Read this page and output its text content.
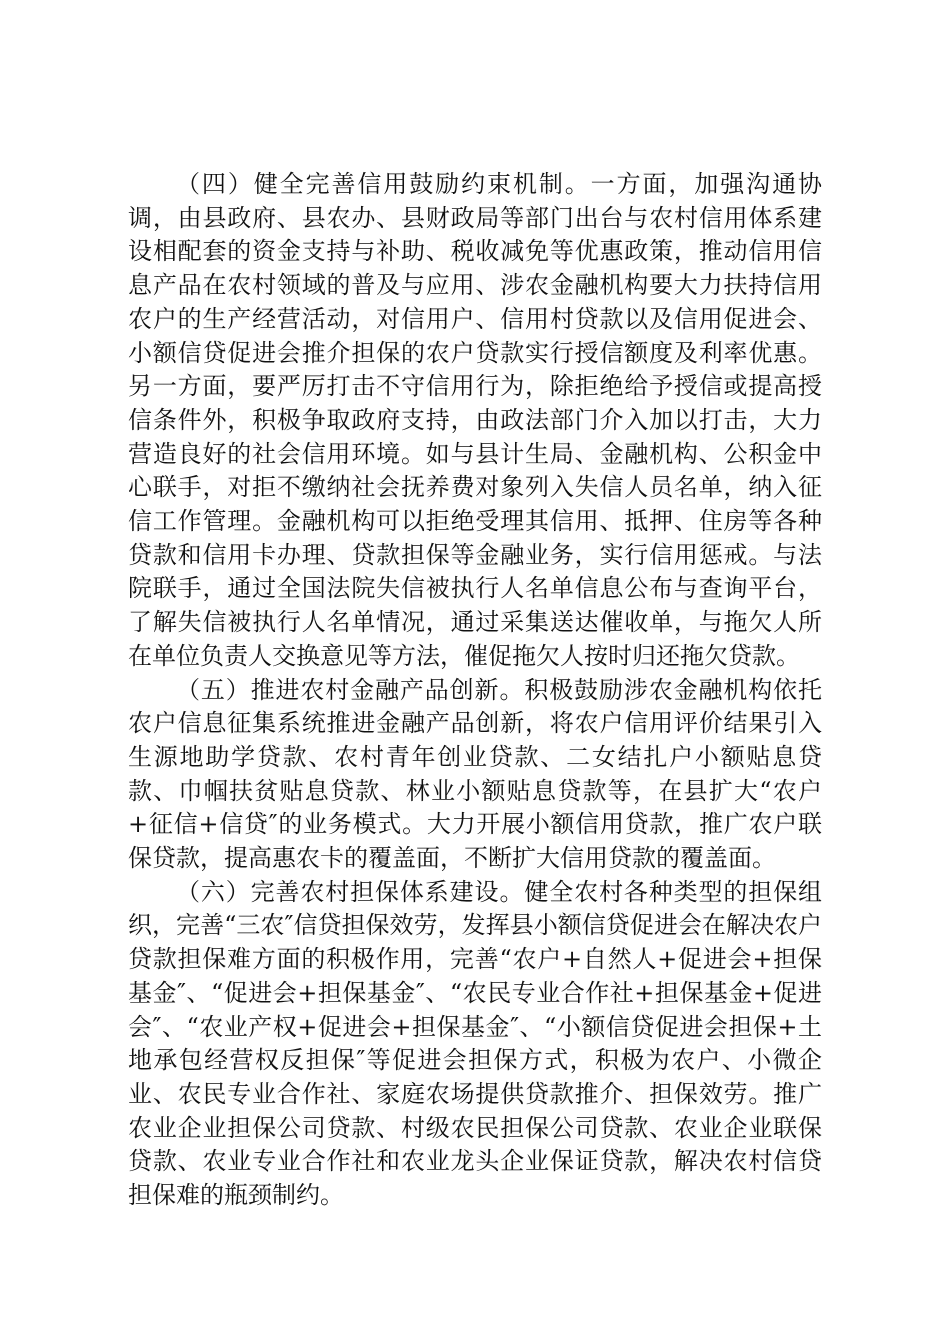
（四）健全完善信用鼓励约束机制。一方面，加强沟通协调，由县政府、县农办、县财政局等部门出台与农村信用体系建设相配套的资金支持与补助、税收减免等优惠政策，推动信用信息产品在农村领域的普及与应用、涉农金融机构要大力扶持信用农户的生产经营活动，对信用户、信用村贷款以及信用促进会、小额信贷促进会推介担保的农户贷款实行授信额度及利率优惠。另一方面，要严厉打击不守信用行为，除拒绝给予授信或提高授信条件外，积极争取政府支持，由政法部门介入加以打击，大力营造良好的社会信用环境。如与县计生局、金融机构、公积金中心联手，对拒不缴纳社会抚养费对象列入失信人员名单，纳入征信工作管理。金融机构可以拒绝受理其信用、抵押、住房等各种贷款和信用卡办理、贷款担保等金融业务，实行信用惩戒。与法院联手，通过全国法院失信被执行人名单信息公布与查询平台，了解失信被执行人名单情况，通过采集送达催收单，与拖欠人所在单位负责人交换意见等方法，催促拖欠人按时归还拖欠贷款。

（五）推进农村金融产品创新。积极鼓励涉农金融机构依托农户信息征集系统推进金融产品创新，将农户信用评价结果引入生源地助学贷款、农村青年创业贷款、二女结扎户小额贴息贷款、巾帼扶贫贴息贷款、林业小额贴息贷款等，在县扩大“农户+征信+信贷″的业务模式。大力开展小额信用贷款，推广农户联保贷款，提高惠农卡的覆盖面，不断扩大信用贷款的覆盖面。

（六）完善农村担保体系建设。健全农村各种类型的担保组织，完善“三农″信贷担保效劳，发挥县小额信贷促进会在解决农户贷款担保难方面的积极作用，完善“农户+自然人+促进会+担保基金″、“促进会+担保基金″、“农民专业合作社+担保基金+促进会″、“农业产权+促进会+担保基金″、“小额信贷促进会担保+土地承包经营权反担保″等促进会担保方式，积极为农户、小微企业、农民专业合作社、家庭农场提供贷款推介、担保效劳。推广农业企业担保公司贷款、村级农民担保公司贷款、农业企业联保贷款、农业专业合作社和农业龙头企业保证贷款，解决农村信贷担保难的瓶颈制约。
